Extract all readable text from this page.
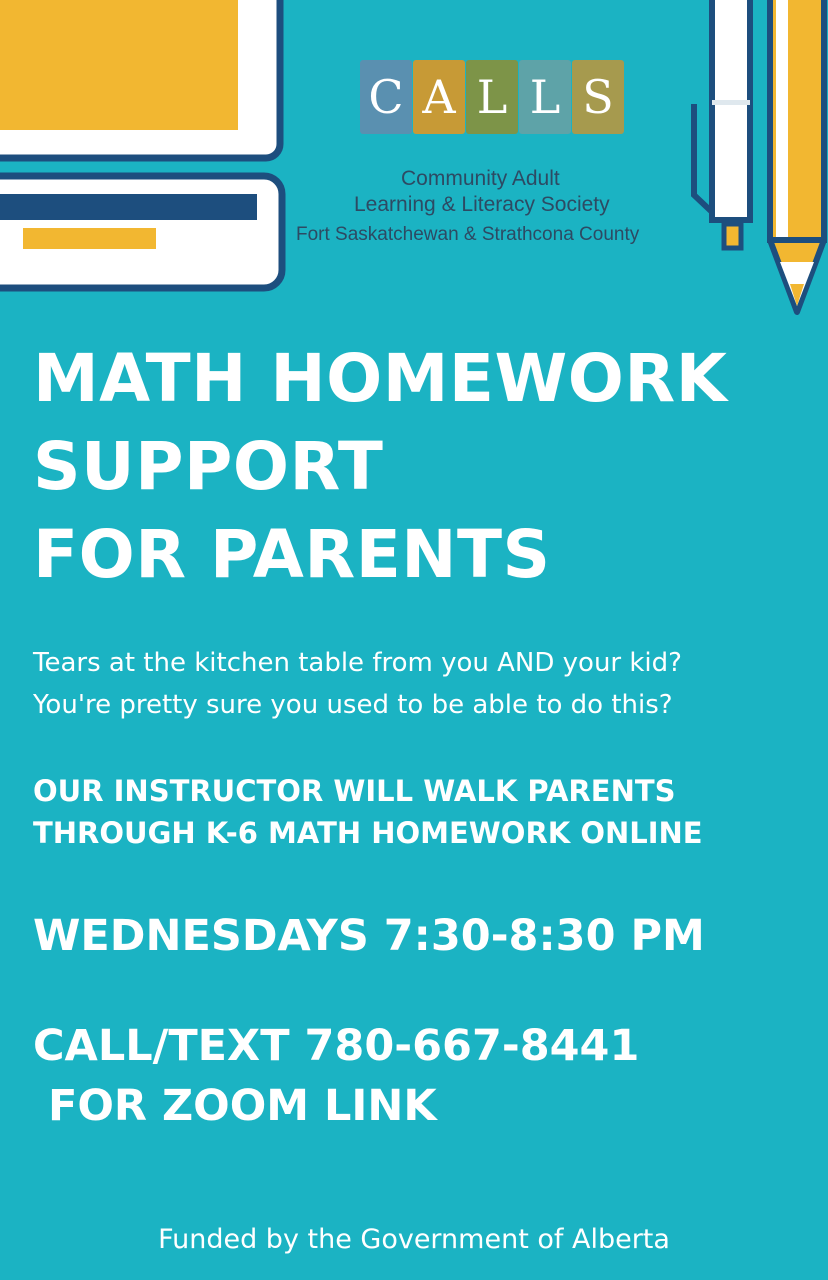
C A L L S
Community Adult
Learning & Literacy Society
Fort Saskatchewan & Strathcona County
MATH HOMEWORK
SUPPORT
FOR PARENTS

Tears at the kitchen table from you AND your kid?
You're pretty sure you used to be able to do this?

OUR INSTRUCTOR WILL WALK PARENTS
THROUGH K-6 MATH HOMEWORK ONLINE

WEDNESDAYS 7:30-8:30 PM

CALL/TEXT 780-667-8441
FOR ZOOM LINK

Funded by the Government of Alberta
